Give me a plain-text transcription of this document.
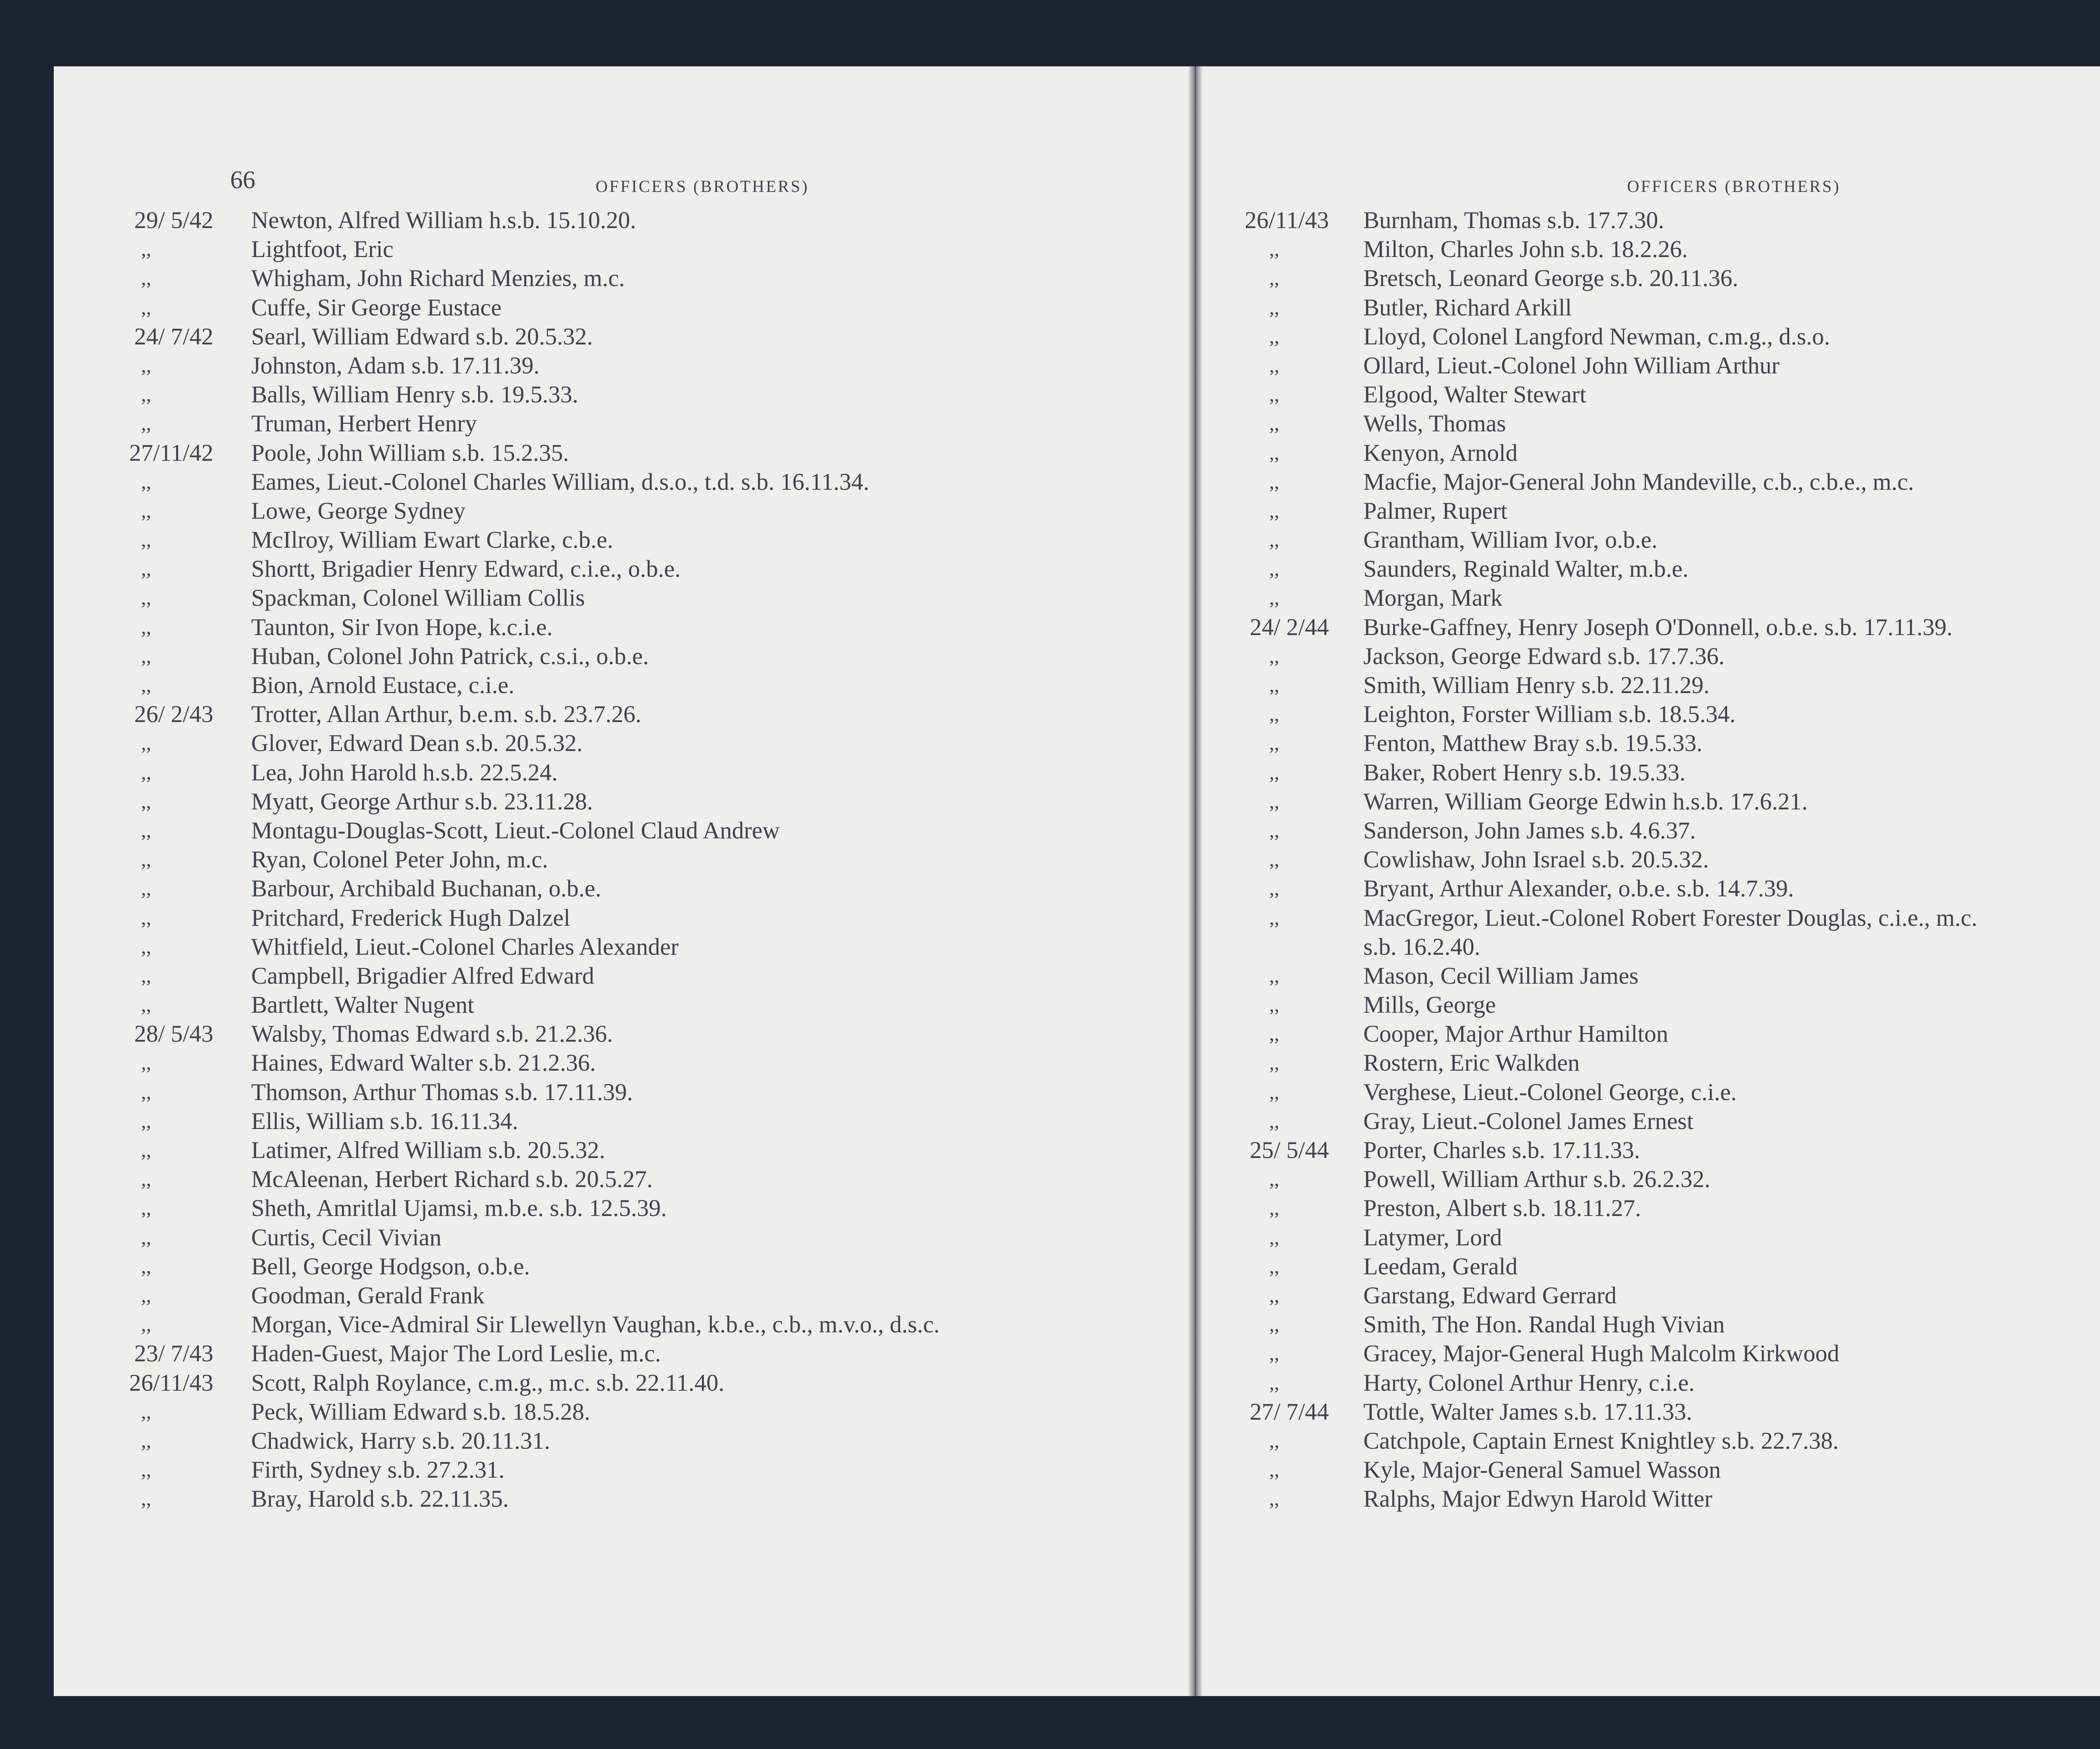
66	OFFICERS (BROTHERS)
29/ 5/42 Newton, Alfred William h.s.b. 15.10.20.
,,	Lightfoot, Eric
,,	Whigham, John Richard Menzies, m.c.
,,	Cuffe, Sir George Eustace
24/ 7/42 Searl, William Edward s.b. 20.5.32.
,,	Johnston, Adam s.b. 17.11.39.
,,	Balls, William Henry s.b. 19.5.33.
,,	Truman, Herbert Henry
27/11/42 Poole, John William s.b. 15.2.35.
,,	Eames, Lieut.-Colonel Charles William, d.s.o., t.d. s.b. 16.11.34.
,,	Lowe, George Sydney
,,	McIlroy, William Ewart Clarke, c.b.e.
,,	Shortt, Brigadier Henry Edward, c.i.e., o.b.e.
,,	Spackman, Colonel William Collis
,,	Taunton, Sir Ivon Hope, k.c.i.e.
,,	Huban, Colonel John Patrick, c.s.i., o.b.e.
,,	Bion, Arnold Eustace, c.i.e.
26/ 2/43 Trotter, Allan Arthur, b.e.m. s.b. 23.7.26.
,,	Glover, Edward Dean s.b. 20.5.32.
,,	Lea, John Harold h.s.b. 22.5.24.
,,	Myatt, George Arthur s.b. 23.11.28.
,,	Montagu-Douglas-Scott, Lieut.-Colonel Claud Andrew
,,	Ryan, Colonel Peter John, m.c.
,,	Barbour, Archibald Buchanan, o.b.e.
,,	Pritchard, Frederick Hugh Dalzel
,,	Whitfield, Lieut.-Colonel Charles Alexander
,,	Campbell, Brigadier Alfred Edward
,,	Bartlett, Walter Nugent
28/ 5/43 Walsby, Thomas Edward s.b. 21.2.36.
,,	Haines, Edward Walter s.b. 21.2.36.
,,	Thomson, Arthur Thomas s.b. 17.11.39.
,,	Ellis, William s.b. 16.11.34.
,,	Latimer, Alfred William s.b. 20.5.32.
,,	McAleenan, Herbert Richard s.b. 20.5.27.
,,	Sheth, Amritlal Ujamsi, m.b.e. s.b. 12.5.39.
,,	Curtis, Cecil Vivian
,,	Bell, George Hodgson, o.b.e.
,,	Goodman, Gerald Frank
,,	Morgan, Vice-Admiral Sir Llewellyn Vaughan, k.b.e., c.b., m.v.o., d.s.c.
23/ 7/43 Haden-Guest, Major The Lord Leslie, m.c.
26/11/43 Scott, Ralph Roylance, c.m.g., m.c. s.b. 22.11.40.
,,	Peck, William Edward s.b. 18.5.28.
,,	Chadwick, Harry s.b. 20.11.31.
,,	Firth, Sydney s.b. 27.2.31.
,,	Bray, Harold s.b. 22.11.35.
OFFICERS (BROTHERS)
26/11/43 Burnham, Thomas s.b. 17.7.30.
,,	Milton, Charles John s.b. 18.2.26.
,,	Bretsch, Leonard George s.b. 20.11.36.
,,	Butler, Richard Arkill
,,	Lloyd, Colonel Langford Newman, c.m.g., d.s.o.
,,	Ollard, Lieut.-Colonel John William Arthur
,,	Elgood, Walter Stewart
,,	Wells, Thomas
,,	Kenyon, Arnold
,,	Macfie, Major-General John Mandeville, c.b., c.b.e., m.c.
,,	Palmer, Rupert
,,	Grantham, William Ivor, o.b.e.
,,	Saunders, Reginald Walter, m.b.e.
,,	Morgan, Mark
24/ 2/44 Burke-Gaffney, Henry Joseph O'Donnell, o.b.e. s.b. 17.11.39.
,,	Jackson, George Edward s.b. 17.7.36.
,,	Smith, William Henry s.b. 22.11.29.
,,	Leighton, Forster William s.b. 18.5.34.
,,	Fenton, Matthew Bray s.b. 19.5.33.
,,	Baker, Robert Henry s.b. 19.5.33.
,,	Warren, William George Edwin h.s.b. 17.6.21.
,,	Sanderson, John James s.b. 4.6.37.
,,	Cowlishaw, John Israel s.b. 20.5.32.
,,	Bryant, Arthur Alexander, o.b.e. s.b. 14.7.39.
,,	MacGregor, Lieut.-Colonel Robert Forester Douglas, c.i.e., m.c.
s.b. 16.2.40.
,,	Mason, Cecil William James
,,	Mills, George
,,	Cooper, Major Arthur Hamilton
,,	Rostern, Eric Walkden
,,	Verghese, Lieut.-Colonel George, c.i.e.
,,	Gray, Lieut.-Colonel James Ernest
25/ 5/44 Porter, Charles s.b. 17.11.33.
,,	Powell, William Arthur s.b. 26.2.32.
,,	Preston, Albert s.b. 18.11.27.
,,	Latymer, Lord
,,	Leedam, Gerald
,,	Garstang, Edward Gerrard
,,	Smith, The Hon. Randal Hugh Vivian
,,	Gracey, Major-General Hugh Malcolm Kirkwood
,,	Harty, Colonel Arthur Henry, c.i.e.
27/ 7/44 Tottle, Walter James s.b. 17.11.33.
,,	Catchpole, Captain Ernest Knightley s.b. 22.7.38.
,,	Kyle, Major-General Samuel Wasson
,,	Ralphs, Major Edwyn Harold Witter
